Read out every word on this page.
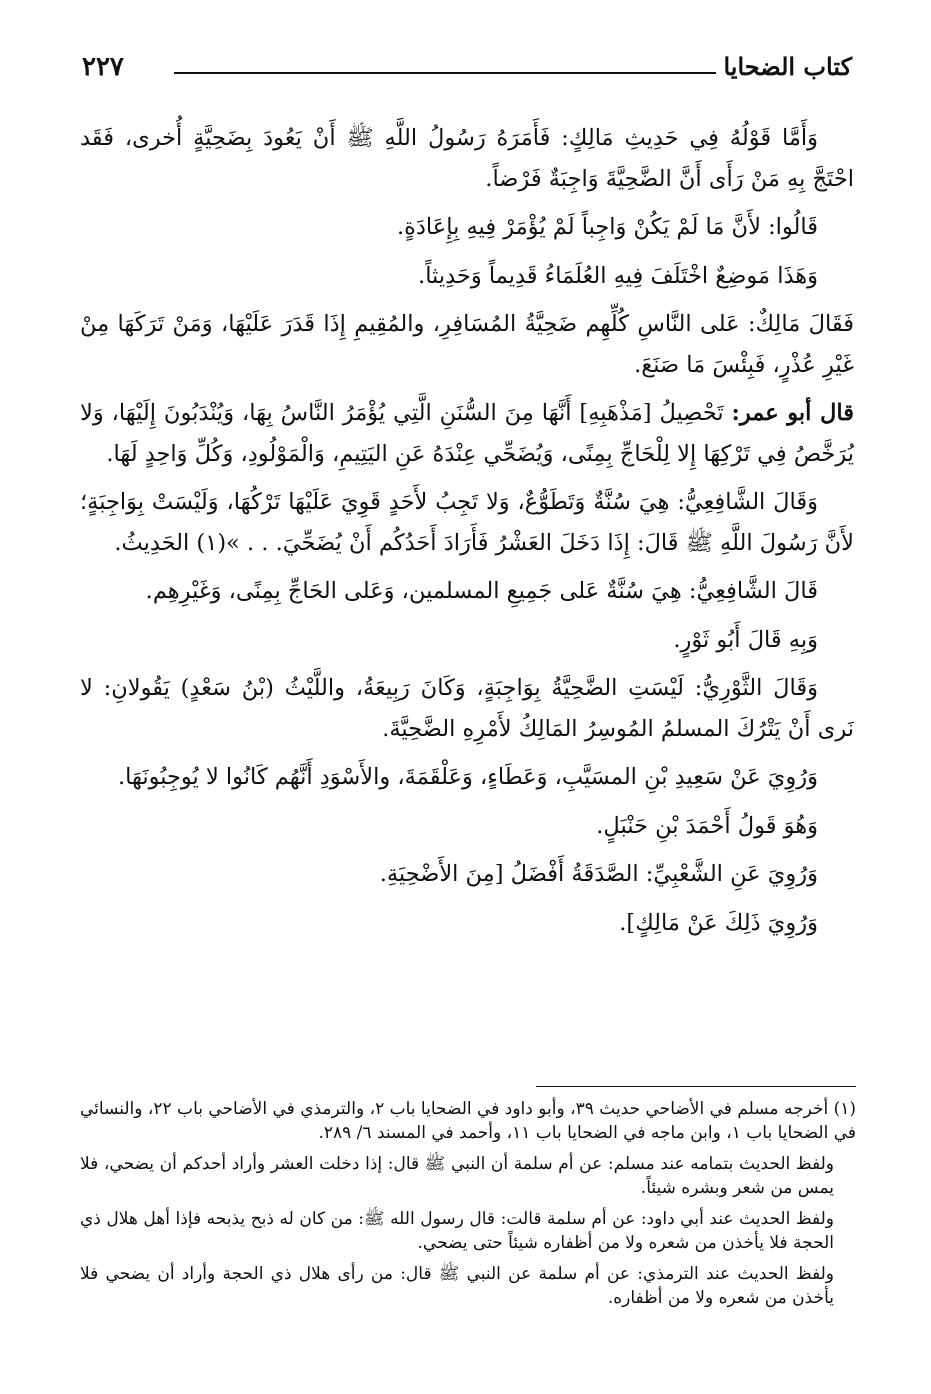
كتاب الضحايا
٢٢٧

وَأَمَّا قَوْلُهُ فِي حَدِيثِ مَالِكٍ: فَأَمَرَهُ رَسُولُ اللَّهِ ﷺ أَنْ يَعُودَ بِضَحِيَّةٍ أُخرى، فَقَد احْتَجَّ بِهِ مَنْ رَأَى أَنَّ الضَّحِيَّةَ وَاجِبَةٌ فَرْضاً.

قَالُوا: لأَنَّ مَا لَمْ يَكُنْ وَاجِباً لَمْ يُؤْمَرْ فِيهِ بِإِعَادَةٍ.

وَهَذَا مَوضِعٌ اخْتَلَفَ فِيهِ العُلَمَاءُ قَدِيماً وَحَدِيثاً.

فَقَالَ مَالِكٌ: عَلى النَّاسِ كُلِّهِم ضَحِيَّةُ المُسَافِرِ، والمُقِيمِ إِذَا قَدَرَ عَلَيْهَا، وَمَنْ تَرَكَهَا مِنْ غَيْرِ عُذْرٍ، فَبِئْسَ مَا صَنَعَ.

قال أبو عمر: تَحْصِيلُ [مَذْهَبِهِ] أَنَّهَا مِنَ السُّنَنِ الَّتِي يُؤْمَرُ النَّاسُ بِهَا، وَيُنْدَبُونَ إِلَيْهَا، وَلا يُرَخَّصُ فِي تَرْكِهَا إِلا لِلْحَاجِّ بِمِنًى، وَيُضَحِّي عِنْدَهُ عَنِ اليَتِيمِ، وَالْمَوْلُودِ، وَكُلِّ وَاحِدٍ لَهَا.

وَقَالَ الشَّافِعِيُّ: هِيَ سُنَّةٌ وَتَطَوُّعٌ، وَلا تَجِبُ لأَحَدٍ قَوِيَ عَلَيْهَا تَرْكُهَا، وَلَيْسَتْ بِوَاجِبَةٍ؛ لأَنَّ رَسُولَ اللَّهِ ﷺ قَالَ: إِذَا دَخَلَ العَشْرُ فَأَرَادَ أَحَدُكُم أَنْ يُضَحِّيَ. . . »(١) الحَدِيثُ.

قَالَ الشَّافِعِيُّ: هِيَ سُنَّةٌ عَلى جَمِيعِ المسلمين، وَعَلى الحَاجِّ بِمِنًى، وَغَيْرِهِم.

وَبِهِ قَالَ أَبُو ثَوْرٍ.

وَقَالَ الثَّوْرِيُّ: لَيْسَتِ الضَّحِيَّةُ بِوَاجِبَةٍ، وَكَانَ رَبِيعَةُ، واللَّيْثُ (بْنُ سَعْدٍ) يَقُولانِ: لا نَرى أَنْ يَتْرُكَ المسلمُ المُوسِرُ المَالِكُ لأَمْرِهِ الضَّحِيَّةَ.

وَرُوِيَ عَنْ سَعِيدِ بْنِ المسَيَّبِ، وَعَطَاءٍ، وَعَلْقَمَةَ، والأَسْوَدِ أَنَّهُم كَانُوا لا يُوجِبُونَهَا.

وَهُوَ قَولُ أَحْمَدَ بْنِ حَنْبَلٍ.

وَرُوِيَ عَنِ الشَّعْبِيِّ: الصَّدَقَةُ أَفْضَلُ [مِنَ الأَضْحِيَةِ.

وَرُوِيَ ذَلِكَ عَنْ مَالِكٍ].

(١) أخرجه مسلم في الأضاحي حديث ٣٩، وأبو داود في الضحايا باب ٢، والترمذي في الأضاحي باب ٢٢، والنسائي في الضحايا باب ١، وابن ماجه في الضحايا باب ١١، وأحمد في المسند ٦/ ٢٨٩.

ولفظ الحديث بتمامه عند مسلم: عن أم سلمة أن النبي ﷺ قال: إذا دخلت العشر وأراد أحدكم أن يضحي، فلا يمس من شعر وبشره شيئاً.

ولفظ الحديث عند أبي داود: عن أم سلمة قالت: قال رسول الله ﷺ: من كان له ذبح يذبحه فإذا أهل هلال ذي الحجة فلا يأخذن من شعره ولا من أظفاره شيئاً حتى يضحي.

ولفظ الحديث عند الترمذي: عن أم سلمة عن النبي ﷺ قال: من رأى هلال ذي الحجة وأراد أن يضحي فلا يأخذن من شعره ولا من أظفاره.
